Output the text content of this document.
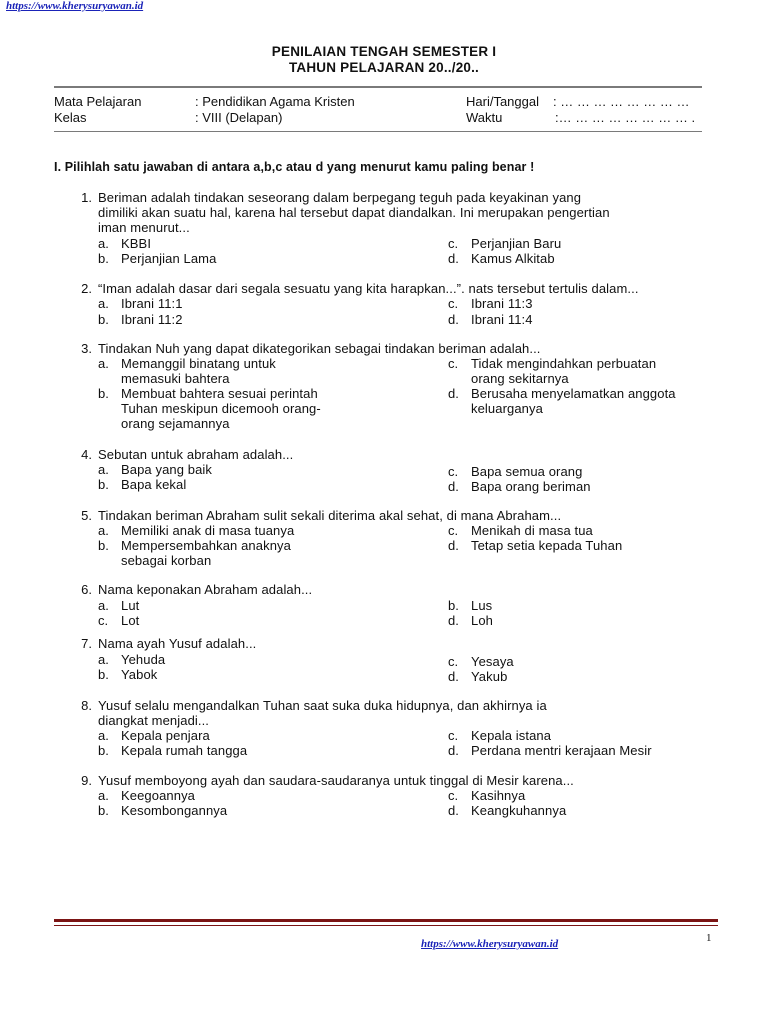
https://www.kherysuryawan.id
PENILAIAN TENGAH SEMESTER I
TAHUN PELAJARAN 20../20..
Mata Pelajaran	: Pendidikan Agama Kristen	Hari/Tanggal : … … … … … … … …
Kelas	: VIII (Delapan)	Waktu	:… … … … … … … … .
I. Pilihlah satu jawaban di antara a,b,c atau d yang menurut kamu paling benar !
1. Beriman adalah tindakan seseorang dalam berpegang teguh pada keyakinan yang
dimiliki akan suatu hal, karena hal tersebut dapat diandalkan. Ini merupakan pengertian
iman menurut...
a. KBBI
b. Perjanjian Lama
c. Perjanjian Baru
d. Kamus Alkitab
2. “Iman adalah dasar dari segala sesuatu yang kita harapkan...”. nats tersebut tertulis dalam...
a. Ibrani 11:1
b. Ibrani 11:2
c. Ibrani 11:3
d. Ibrani 11:4
3. Tindakan Nuh yang dapat dikategorikan sebagai tindakan beriman adalah...
a. Memanggil binatang untuk
memasuki bahtera
b. Membuat bahtera sesuai perintah
Tuhan meskipun dicemooh orang-
orang sejamannya
c. Tidak mengindahkan perbuatan
orang sekitarnya
d. Berusaha menyelamatkan anggota
keluarganya
4. Sebutan untuk abraham adalah...
a. Bapa yang baik
b. Bapa kekal
c. Bapa semua orang
d. Bapa orang beriman
5. Tindakan beriman Abraham sulit sekali diterima akal sehat, di mana Abraham...
a. Memiliki anak di masa tuanya
b. Mempersembahkan anaknya
sebagai korban
c. Menikah di masa tua
d. Tetap setia kepada Tuhan
6. Nama keponakan Abraham adalah...
a. Lut
c. Lot
b. Lus
d. Loh
7. Nama ayah Yusuf adalah...
a. Yehuda
b. Yabok
c. Yesaya
d. Yakub
8. Yusuf selalu mengandalkan Tuhan saat suka duka hidupnya, dan akhirnya ia
diangkat menjadi...
a. Kepala penjara
b. Kepala rumah tangga
c. Kepala istana
d. Perdana mentri kerajaan Mesir
9. Yusuf memboyong ayah dan saudara-saudaranya untuk tinggal di Mesir karena...
a. Keegoannya
b. Kesombongannya
c. Kasihnya
d. Keangkuhannya
1
https://www.kherysuryawan.id
